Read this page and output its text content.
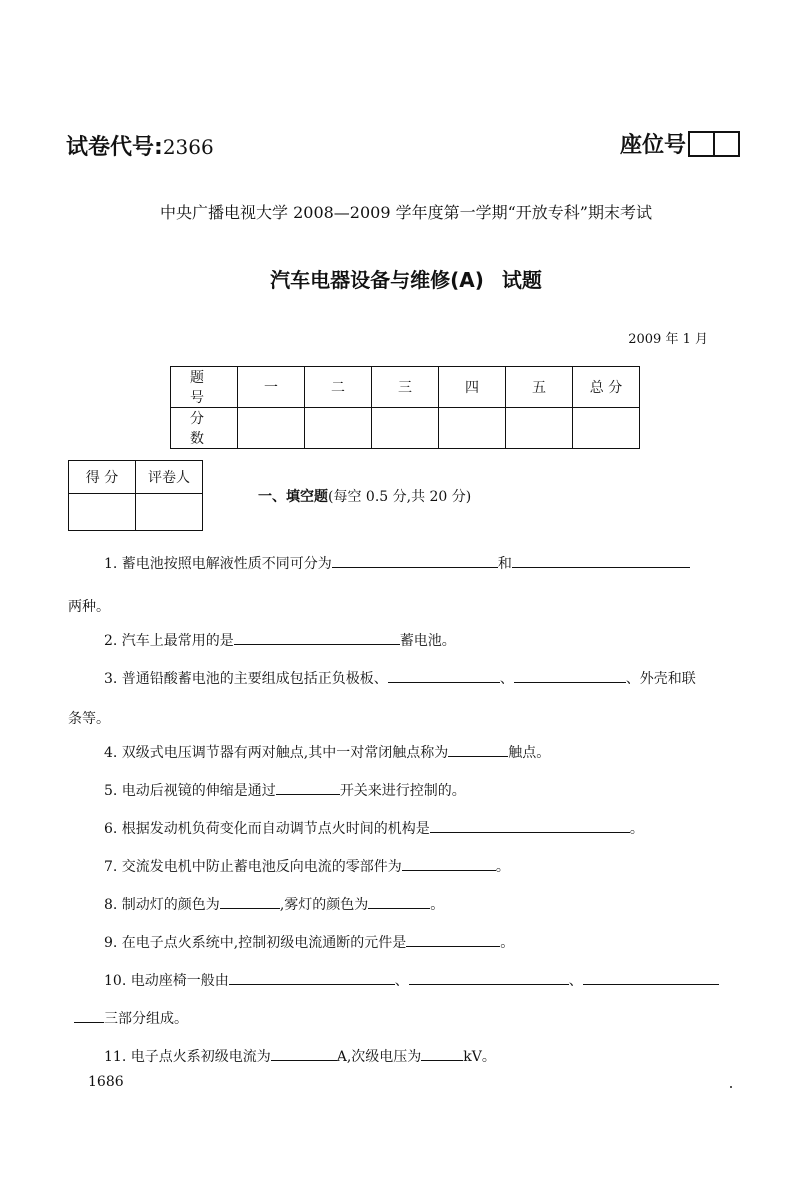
试卷代号:2366	座位号
中央广播电视大学 2008—2009 学年度第一学期“开放专科”期末考试
汽车电器设备与维修(A) 试题
2009 年 1 月
题 号	一	二	三	四	五	总 分
分 数						
得 分	评卷人

一、填空题(每空 0.5 分,共 20 分)
1. 蓄电池按照电解液性质不同可分为	和
两种。
2. 汽车上最常用的是	蓄电池。
3. 普通铅酸蓄电池的主要组成包括正负极板、	、	、外壳和联
条等。
4. 双级式电压调节器有两对触点,其中一对常闭触点称为	触点。
5. 电动后视镜的伸缩是通过	开关来进行控制的。
6. 根据发动机负荷变化而自动调节点火时间的机构是	。
7. 交流发电机中防止蓄电池反向电流的零部件为	。
8. 制动灯的颜色为	,雾灯的颜色为	。
9. 在电子点火系统中,控制初级电流通断的元件是	。
10. 电动座椅一般由	、	、
三部分组成。
11. 电子点火系初级电流为	A,次级电压为	kV。
1686
